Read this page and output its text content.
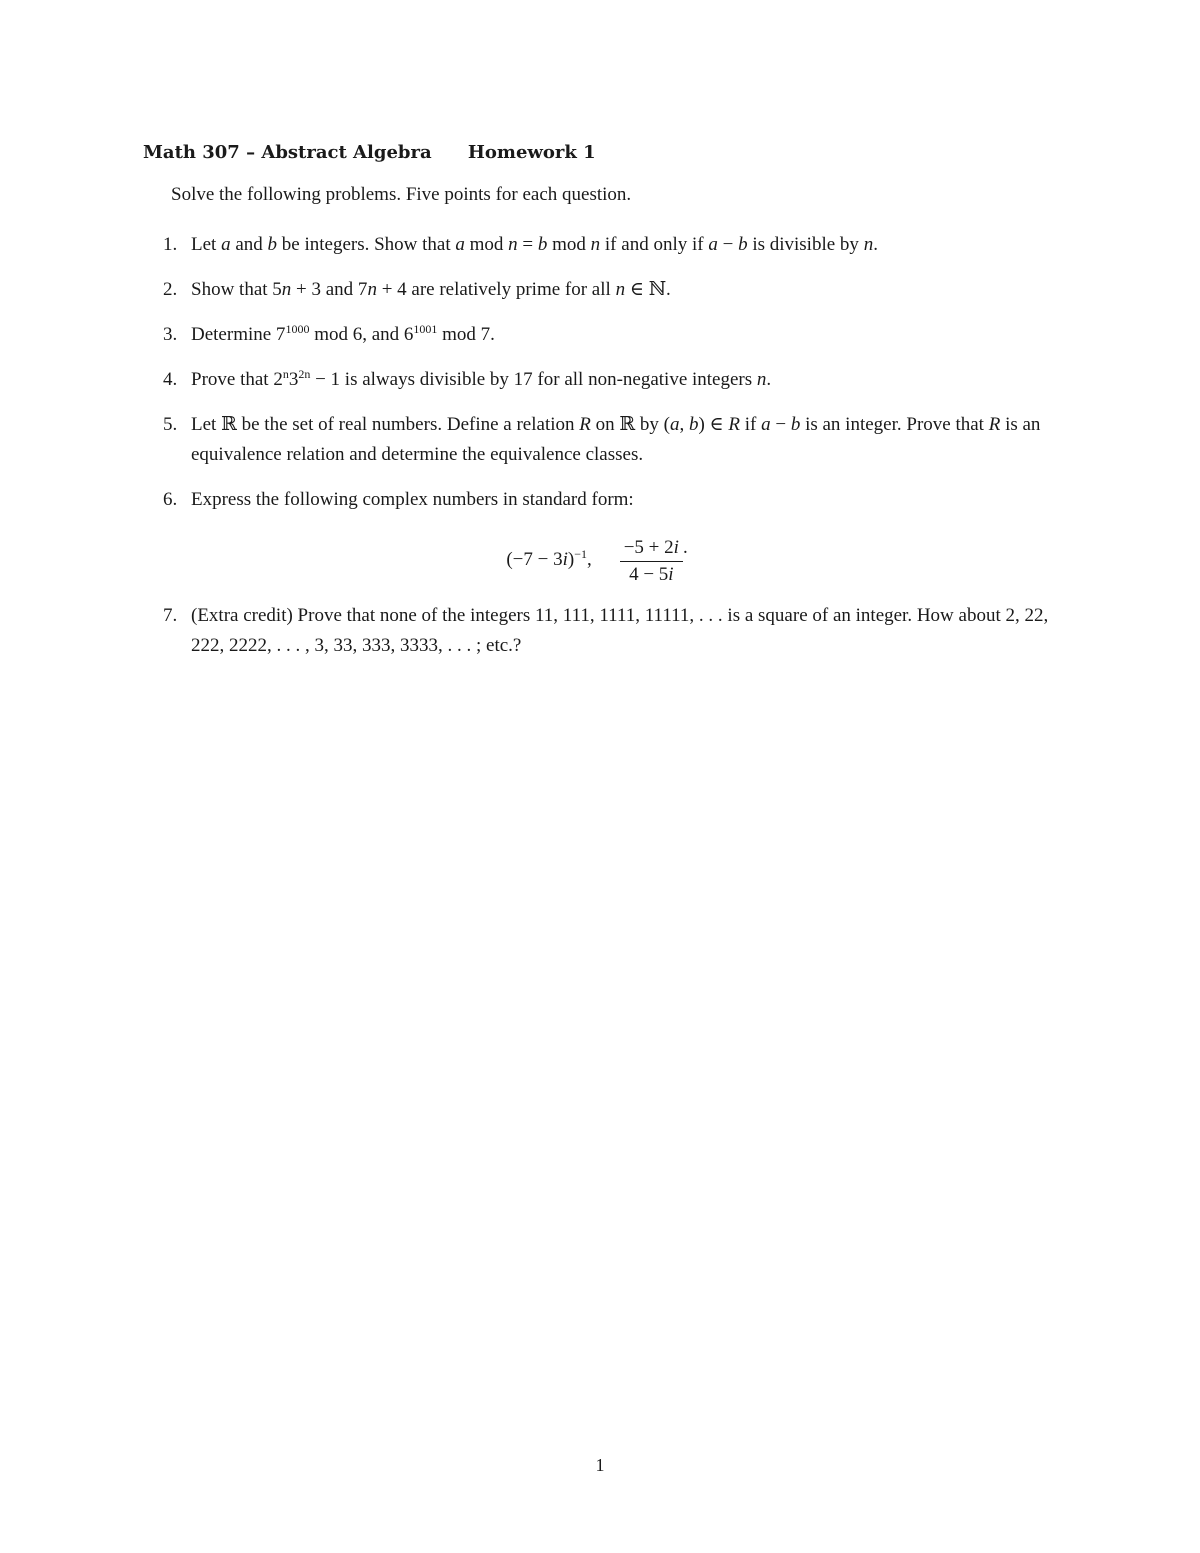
Math 307 – Abstract Algebra Homework 1
Solve the following problems. Five points for each question.
1. Let a and b be integers. Show that a mod n = b mod n if and only if a − b is divisible by n.
2. Show that 5n + 3 and 7n + 4 are relatively prime for all n ∈ ℕ.
3. Determine $7^{1000}$ mod 6, and $6^{1001}$ mod 7.
4. Prove that $2^n3^{2n} - 1$ is always divisible by 17 for all non-negative integers n.
5. Let ℝ be the set of real numbers. Define a relation R on ℝ by (a, b) ∈ R if a − b is an integer. Prove that R is an equivalence relation and determine the equivalence classes.
6. Express the following complex numbers in standard form:
$(-7 - 3i)^{-1}$, $\frac{-5 + 2i}{4 - 5i}$ .
7. (Extra credit) Prove that none of the integers 11, 111, 1111, 11111, . . . is a square of an integer. How about 2, 22, 222, 2222, . . . , 3, 33, 333, 3333, . . . ; etc.?
1
